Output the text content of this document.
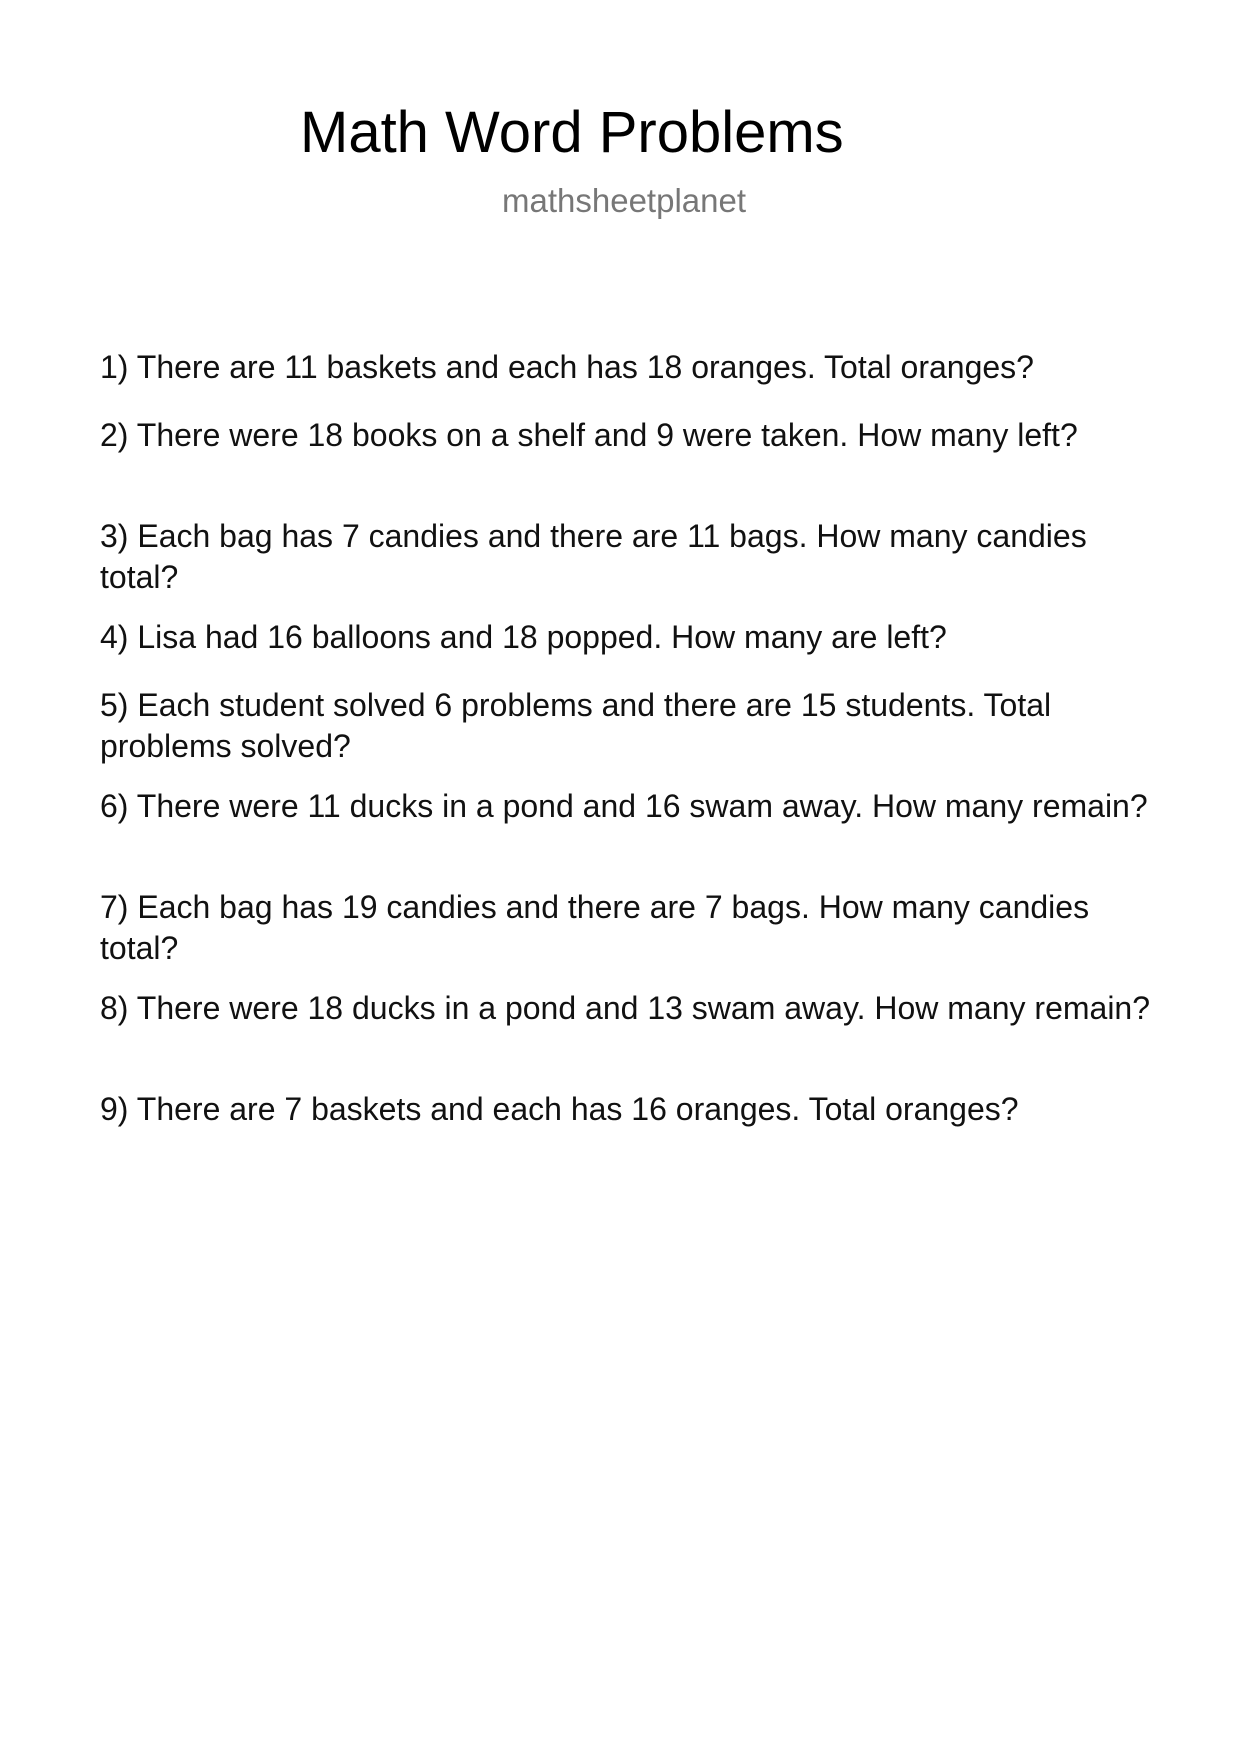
Math Word Problems
mathsheetplanet
1) There are 11 baskets and each has 18 oranges. Total oranges?
2) There were 18 books on a shelf and 9 were taken. How many left?
3) Each bag has 7 candies and there are 11 bags. How many candies total?
4) Lisa had 16 balloons and 18 popped. How many are left?
5) Each student solved 6 problems and there are 15 students. Total problems solved?
6) There were 11 ducks in a pond and 16 swam away. How many remain?
7) Each bag has 19 candies and there are 7 bags. How many candies total?
8) There were 18 ducks in a pond and 13 swam away. How many remain?
9) There are 7 baskets and each has 16 oranges. Total oranges?
